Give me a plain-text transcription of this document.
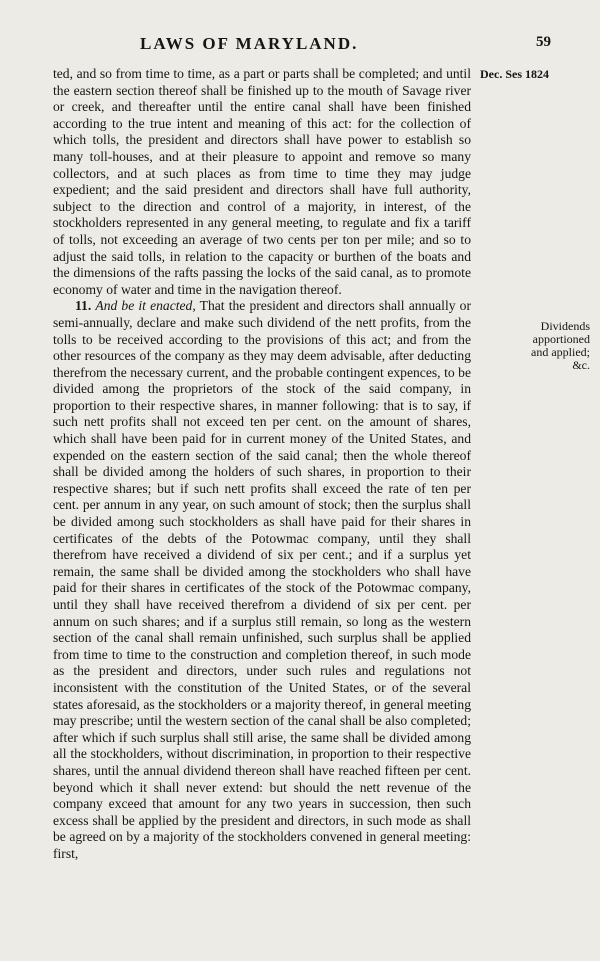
LAWS OF MARYLAND.	59
Dec. Ses 1824

ted, and so from time to time, as a part or parts shall be completed; and until the eastern section thereof shall be finished up to the mouth of Savage river or creek, and thereafter until the entire canal shall have been finished according to the true intent and meaning of this act: for the collection of which tolls, the president and directors shall have power to establish so many toll-houses, and at their pleasure to appoint and remove so many collectors, and at such places as from time to time they may judge expedient; and the said president and directors shall have full authority, subject to the direction and control of a majority, in interest, of the stockholders represented in any general meeting, to regulate and fix a tariff of tolls, not exceeding an average of two cents per ton per mile; and so to adjust the said tolls, in relation to the capacity or burthen of the boats and the dimensions of the rafts passing the locks of the said canal, as to promote economy of water and time in the navigation thereof.

11. And be it enacted, That the president and directors shall annually or semi-annually, declare and make such dividend of the nett profits, from the tolls to be received according to the provisions of this act; and from the other resources of the company as they may deem advisable, after deducting therefrom the necessary current, and the probable contingent expences, to be divided among the proprietors of the stock of the said company, in proportion to their respective shares, in manner following: that is to say, if such nett profits shall not exceed ten per cent. on the amount of shares, which shall have been paid for in current money of the United States, and expended on the eastern section of the said canal; then the whole thereof shall be divided among the holders of such shares, in proportion to their respective shares; but if such nett profits shall exceed the rate of ten per cent. per annum in any year, on such amount of stock; then the surplus shall be divided among such stockholders as shall have paid for their shares in certificates of the debts of the Potowmac company, until they shall therefrom have received a dividend of six per cent.; and if a surplus yet remain, the same shall be divided among the stockholders who shall have paid for their shares in certificates of the stock of the Potowmac company, until they shall have received therefrom a dividend of six per cent. per annum on such shares; and if a surplus still remain, so long as the western section of the canal shall remain unfinished, such surplus shall be applied from time to time to the construction and completion thereof, in such mode as the president and directors, under such rules and regulations not inconsistent with the constitution of the United States, or of the several states aforesaid, as the stockholders or a majority thereof, in general meeting may prescribe; until the western section of the canal shall be also completed; after which if such surplus shall still arise, the same shall be divided among all the stockholders, without discrimination, in proportion to their respective shares, until the annual dividend thereon shall have reached fifteen per cent. beyond which it shall never extend: but should the nett revenue of the company exceed that amount for any two years in succession, then such excess shall be applied by the president and directors, in such mode as shall be agreed on by a majority of the stockholders convened in general meeting: first,

Dividends
apportioned
and applied;
&c.
